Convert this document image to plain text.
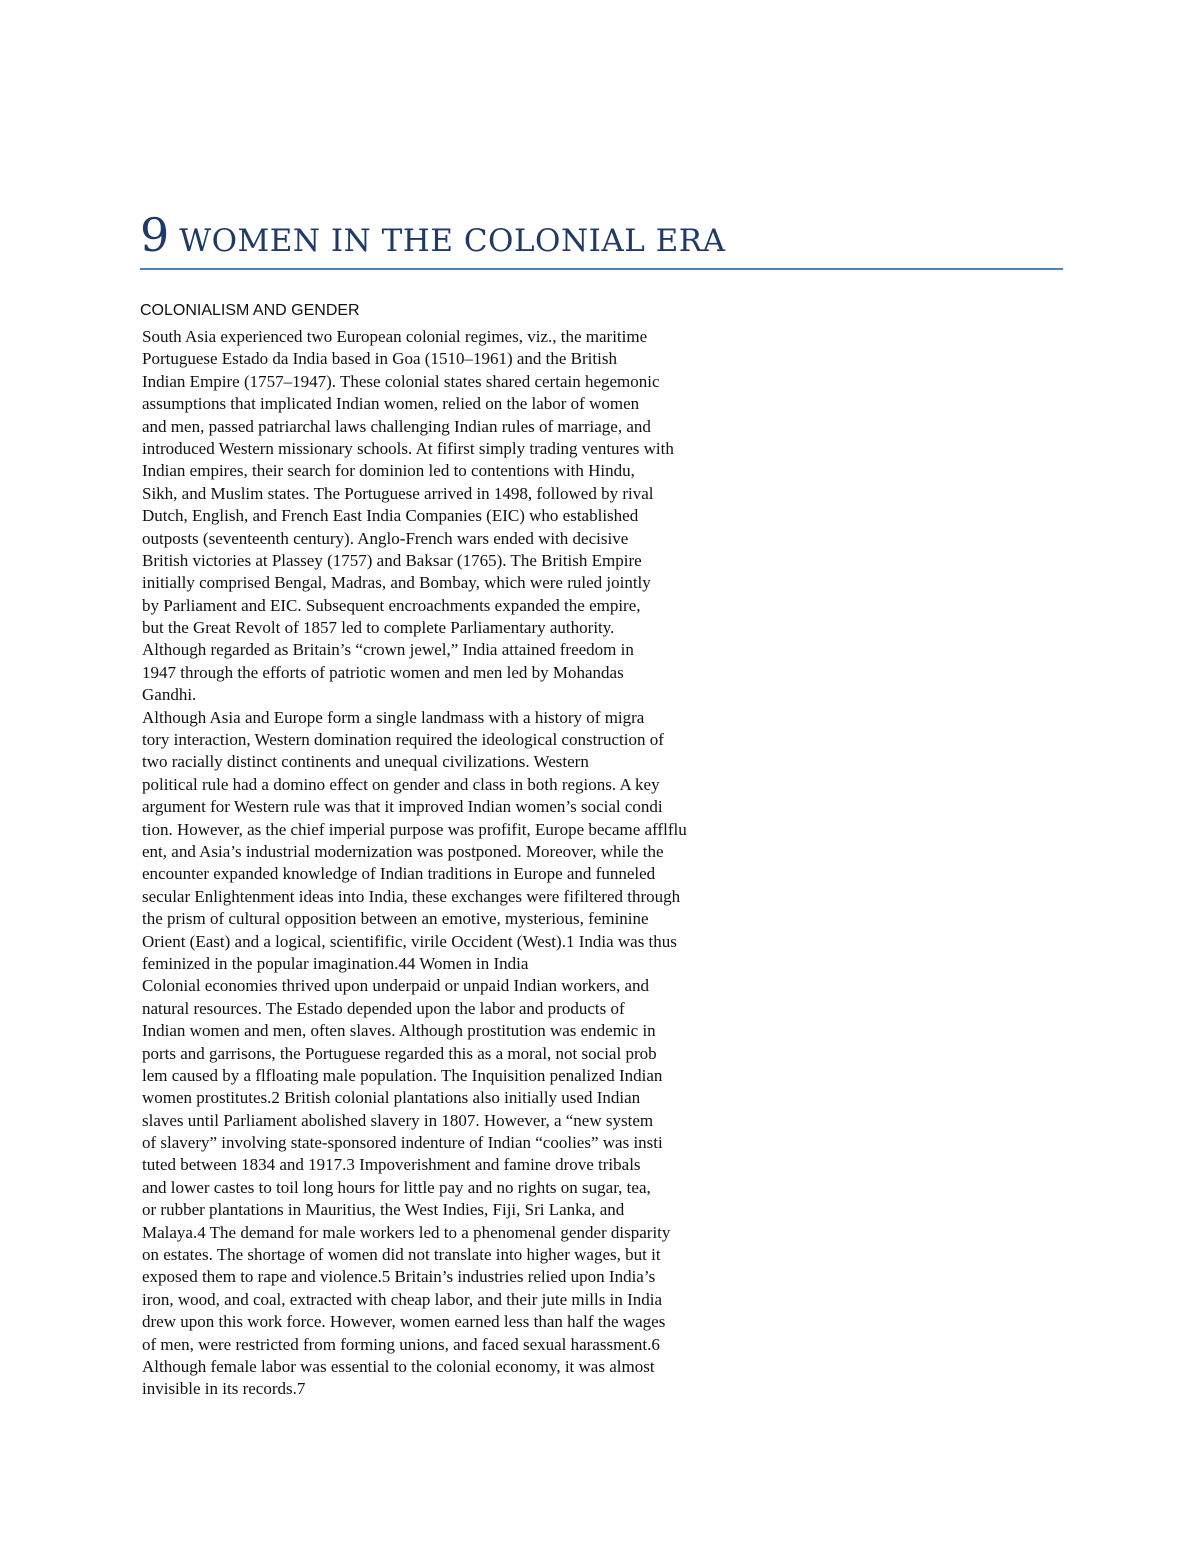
9 WOMEN IN THE COLONIAL ERA
COLONIALISM AND GENDER
South Asia experienced two European colonial regimes, viz., the maritime
Portuguese Estado da India based in Goa (1510–1961) and the British
Indian Empire (1757–1947). These colonial states shared certain hegemonic
assumptions that implicated Indian women, relied on the labor of women
and men, passed patriarchal laws challenging Indian rules of marriage, and
introduced Western missionary schools. At fifirst simply trading ventures with
Indian empires, their search for dominion led to contentions with Hindu,
Sikh, and Muslim states. The Portuguese arrived in 1498, followed by rival
Dutch, English, and French East India Companies (EIC) who established
outposts (seventeenth century). Anglo-French wars ended with decisive
British victories at Plassey (1757) and Baksar (1765). The British Empire
initially comprised Bengal, Madras, and Bombay, which were ruled jointly
by Parliament and EIC. Subsequent encroachments expanded the empire,
but the Great Revolt of 1857 led to complete Parliamentary authority.
Although regarded as Britain’s “crown jewel,” India attained freedom in
1947 through the efforts of patriotic women and men led by Mohandas
Gandhi.
Although Asia and Europe form a single landmass with a history of migra
tory interaction, Western domination required the ideological construction of
two racially distinct continents and unequal civilizations. Western
political rule had a domino effect on gender and class in both regions. A key
argument for Western rule was that it improved Indian women’s social condi
tion. However, as the chief imperial purpose was profifit, Europe became afflflu
ent, and Asia’s industrial modernization was postponed. Moreover, while the
encounter expanded knowledge of Indian traditions in Europe and funneled
secular Enlightenment ideas into India, these exchanges were fifiltered through
the prism of cultural opposition between an emotive, mysterious, feminine
Orient (East) and a logical, scientifific, virile Occident (West).1 India was thus
feminized in the popular imagination.44 Women in India
Colonial economies thrived upon underpaid or unpaid Indian workers, and
natural resources. The Estado depended upon the labor and products of
Indian women and men, often slaves. Although prostitution was endemic in
ports and garrisons, the Portuguese regarded this as a moral, not social prob
lem caused by a flfloating male population. The Inquisition penalized Indian
women prostitutes.2 British colonial plantations also initially used Indian
slaves until Parliament abolished slavery in 1807. However, a “new system
of slavery” involving state-sponsored indenture of Indian “coolies” was insti
tuted between 1834 and 1917.3 Impoverishment and famine drove tribals
and lower castes to toil long hours for little pay and no rights on sugar, tea,
or rubber plantations in Mauritius, the West Indies, Fiji, Sri Lanka, and
Malaya.4 The demand for male workers led to a phenomenal gender disparity
on estates. The shortage of women did not translate into higher wages, but it
exposed them to rape and violence.5 Britain’s industries relied upon India’s
iron, wood, and coal, extracted with cheap labor, and their jute mills in India
drew upon this work force. However, women earned less than half the wages
of men, were restricted from forming unions, and faced sexual harassment.6
Although female labor was essential to the colonial economy, it was almost
invisible in its records.7
